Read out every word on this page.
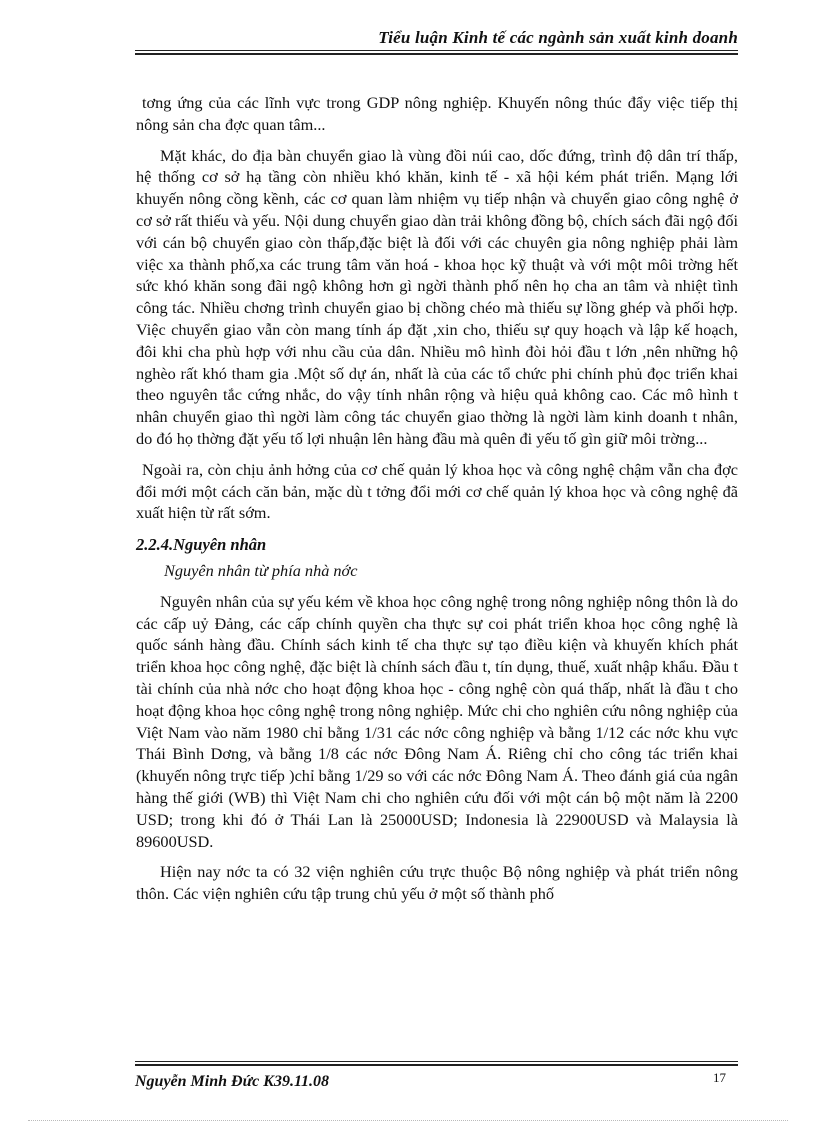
Tiểu luận Kinh tế các ngành sản xuất kinh doanh

tơng ứng của các lĩnh vực trong GDP nông nghiệp. Khuyến nông thúc đẩy việc tiếp thị nông sản cha đợc quan tâm...

Mặt khác, do địa bàn chuyển giao là vùng đồi núi cao, dốc đứng, trình độ dân trí thấp, hệ thống cơ sở hạ tầng còn nhiều khó khăn, kinh tế - xã hội kém phát triển. Mạng lới khuyến nông cồng kềnh, các cơ quan làm nhiệm vụ tiếp nhận và chuyển giao công nghệ ở cơ sở rất thiếu và yếu. Nội dung chuyển giao dàn trải không đồng bộ, chích sách đãi ngộ đối với cán bộ chuyển giao còn thấp,đặc biệt là đối với các chuyên gia nông nghiệp phải làm việc xa thành phố,xa các trung tâm văn hoá - khoa học kỹ thuật và với một môi trờng hết sức khó khăn song đãi ngộ không hơn gì ngời thành phố nên họ cha an tâm và nhiệt tình công tác. Nhiều chơng trình chuyển giao bị chồng chéo mà thiếu sự lồng ghép và phối hợp. Việc chuyển giao vẫn còn mang tính áp đặt ,xin cho, thiếu sự quy hoạch và lập kế hoạch, đôi khi cha phù hợp với nhu cầu của dân. Nhiều mô hình đòi hỏi đầu t lớn ,nên những hộ nghèo rất khó tham gia .Một số dự án, nhất là của các tổ chức phi chính phủ đọc triển khai theo nguyên tắc cứng nhắc, do vậy tính nhân rộng và hiệu quả không cao. Các mô hình t nhân chuyển giao thì ngời làm công tác chuyển giao thờng là ngời làm kinh doanh t nhân, do đó họ thờng đặt yếu tố lợi nhuận lên hàng đầu mà quên đi yếu tố gìn giữ môi trờng...

Ngoài ra, còn chịu ảnh hởng của cơ chế quản lý khoa học và công nghệ chậm vẫn cha đợc đổi mới một cách căn bản, mặc dù t tởng đổi mới cơ chế quản lý khoa học và công nghệ đã xuất hiện từ rất sớm.

2.2.4.Nguyên nhân

Nguyên nhân từ phía nhà nớc

Nguyên nhân của sự yếu kém về khoa học công nghệ trong nông nghiệp nông thôn là do các cấp uỷ Đảng, các cấp chính quyền cha thực sự coi phát triển khoa học công nghệ là quốc sánh hàng đầu. Chính sách kinh tế cha thực sự tạo điều kiện và khuyến khích phát triển khoa học công nghệ, đặc biệt là chính sách đầu t, tín dụng, thuế, xuất nhập khẩu. Đầu t tài chính của nhà nớc cho hoạt động khoa học - công nghệ còn quá thấp, nhất là đầu t cho hoạt động khoa học công nghệ trong nông nghiệp. Mức chi cho nghiên cứu nông nghiệp của Việt Nam vào năm 1980 chỉ bằng 1/31 các nớc công nghiệp và bằng 1/12 các nớc khu vực Thái Bình Dơng, và bằng 1/8 các nớc Đông Nam Á. Riêng chỉ cho công tác triển khai (khuyến nông trực tiếp )chỉ bằng 1/29 so với các nớc Đông Nam Á. Theo đánh giá của ngân hàng thế giới (WB) thì Việt Nam chi cho nghiên cứu đối với một cán bộ một năm là 2200 USD; trong khi đó ở Thái Lan là 25000USD; Indonesia là 22900USD và Malaysia là 89600USD.

Hiện nay nớc ta có 32 viện nghiên cứu trực thuộc Bộ nông nghiệp và phát triển nông thôn. Các viện nghiên cứu tập trung chủ yếu ở một số thành phố

Nguyễn Minh Đức K39.11.08	17
